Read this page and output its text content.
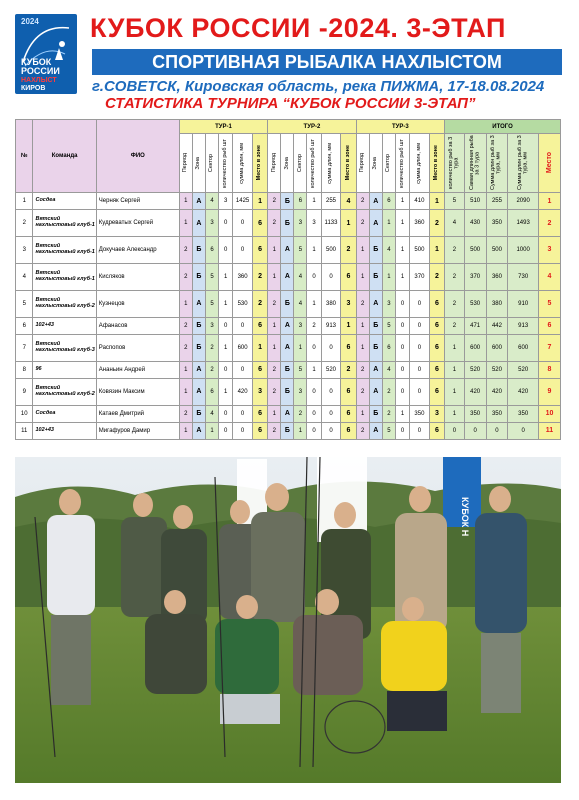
2024
КУБОК
РОССИИ
НАХЛЫСТ
КИРОВ
КУБОК РОССИИ -2024. 3-ЭТАП
СПОРТИВНАЯ РЫБАЛКА НАХЛЫСТОМ
г.СОВЕТСК, Кировская область, река ПИЖМА, 17-18.08.2024
СТАТИСТИКА ТУРНИРА “КУБОК РОССИИ 3-ЭТАП”
№	Команда	ФИО	ТУР-1						ТУР-2						ТУР-3						ИТОГО				

			Период	Зона	Сектор	количество рыб шт	сумма длин, мм	Место в зоне	Период	Зона	Сектор	количество рыб шт	сумма длин, мм	Место в зоне	Период	Зона	Сектор	количество рыб шт	сумма длин, мм	Место в зоне	количество рыб за 3 тура	Самая длинная рыба за 3 тура	Сумма длин рыб за 3 тура, мм	Сумма длин рыб за 3 тура, мм	Место

1	Сосдеа	Черняк Сергей	1	А	4	3	1425	1	2	Б	6	1	255	4	2	А	6	1	410	1	5	510	255	2090	1
2	Вятский нахлыстовый клуб-1	Кудреватых Сергей	1	А	3	0	0	6	2	Б	3	3	1133	1	2	А	1	1	360	2	4	430	350	1493	2
3	Вятский нахлыстовый клуб-1	Докучаев Александр	2	Б	6	0	0	6	1	А	5	1	500	2	1	Б	4	1	500	1	2	500	500	1000	3
4	Вятский нахлыстовый клуб-1	Кисляков	2	Б	5	1	360	2	1	А	4	0	0	6	1	Б	1	1	370	2	2	370	360	730	4
5	Вятский нахлыстовый клуб-2	Кузнецов	1	А	5	1	530	2	2	Б	4	1	380	3	2	А	3	0	0	6	2	530	380	910	5
6	102+43	Афанасов	2	Б	3	0	0	6	1	А	3	2	913	1	1	Б	5	0	0	6	2	471	442	913	6
7	Вятский нахлыстовый клуб-3	Распопов	2	Б	2	1	600	1	1	А	1	0	0	6	1	Б	6	0	0	6	1	600	600	600	7
8	96	Ананьин Андрей	1	А	2	0	0	6	2	Б	5	1	520	2	2	А	4	0	0	6	1	520	520	520	8
9	Вятский нахлыстовый клуб-2	Ковязин Максим	1	А	6	1	420	3	2	Б	3	0	0	6	2	А	2	0	0	6	1	420	420	420	9
10	Сосдеа	Катаев Дмитрий	2	Б	4	0	0	6	1	А	2	0	0	6	1	Б	2	1	350	3	1	350	350	350	10
11	102+43	Мигафуров Дамир	1	А	1	0	0	6	2	Б	1	0	0	6	2	А	5	0	0	6	0	0	0	0	11
КУБОК Н
